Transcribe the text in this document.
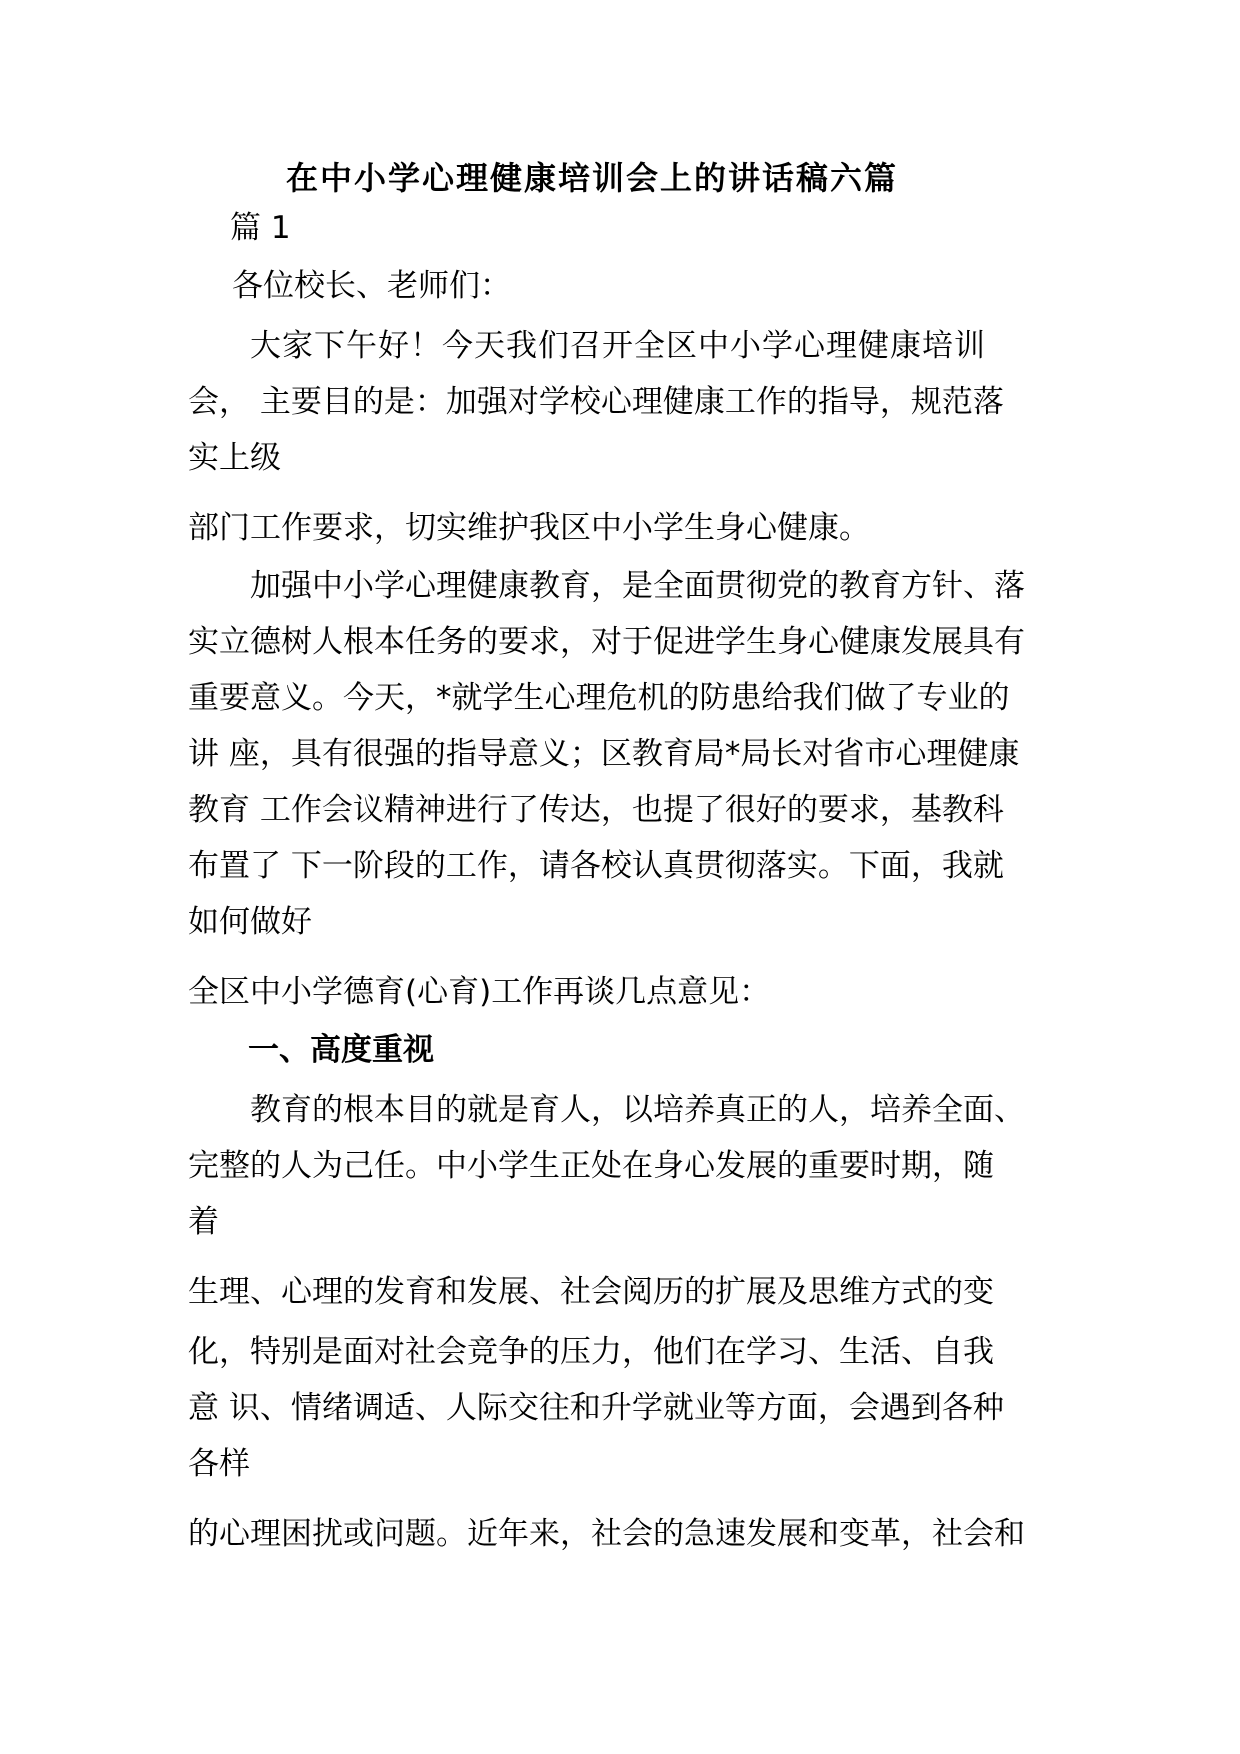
在中小学心理健康培训会上的讲话稿六篇
篇 1
各位校长、老师们：
大家下午好！今天我们召开全区中小学心理健康培训
会， 主要目的是：加强对学校心理健康工作的指导，规范落
实上级
部门工作要求，切实维护我区中小学生身心健康。
加强中小学心理健康教育，是全面贯彻党的教育方针、落
实立德树人根本任务的要求，对于促进学生身心健康发展具有
重要意义。今天，*就学生心理危机的防患给我们做了专业的
讲 座，具有很强的指导意义；区教育局*局长对省市心理健康
教育 工作会议精神进行了传达，也提了很好的要求，基教科
布置了 下一阶段的工作，请各校认真贯彻落实。下面，我就
如何做好
全区中小学德育(心育)工作再谈几点意见：
一、高度重视
教育的根本目的就是育人，以培养真正的人，培养全面、
完整的人为己任。中小学生正处在身心发展的重要时期，随
着
生理、心理的发育和发展、社会阅历的扩展及思维方式的变
化，特别是面对社会竞争的压力，他们在学习、生活、自我
意 识、情绪调适、人际交往和升学就业等方面，会遇到各种
各样
的心理困扰或问题。近年来，社会的急速发展和变革，社会和
